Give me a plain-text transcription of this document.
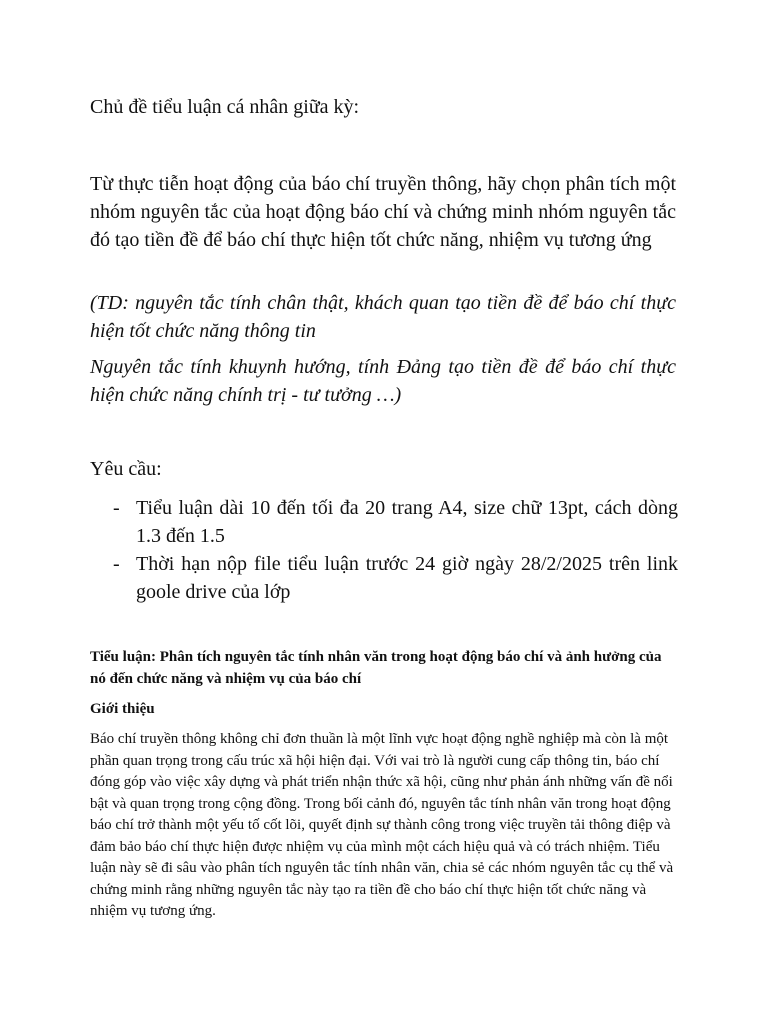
Chủ đề tiểu luận cá nhân giữa kỳ:
Từ thực tiễn hoạt động của báo chí truyền thông, hãy chọn phân tích một nhóm nguyên tắc của hoạt động báo chí và chứng minh nhóm nguyên tắc đó tạo tiền đề để báo chí thực hiện tốt chức năng, nhiệm vụ tương ứng
(TD: nguyên tắc tính chân thật, khách quan tạo tiền đề để báo chí thực hiện tốt chức năng thông tin
Nguyên tắc tính khuynh hướng, tính Đảng tạo tiền đề để báo chí thực hiện chức năng chính trị - tư tưởng …)
Yêu cầu:
- Tiểu luận dài 10 đến tối đa 20 trang A4, size chữ 13pt, cách dòng 1.3 đến 1.5
- Thời hạn nộp file tiểu luận trước 24 giờ ngày 28/2/2025 trên link goole drive của lớp
Tiểu luận: Phân tích nguyên tắc tính nhân văn trong hoạt động báo chí và ảnh hưởng của nó đến chức năng và nhiệm vụ của báo chí
Giới thiệu
Báo chí truyền thông không chỉ đơn thuần là một lĩnh vực hoạt động nghề nghiệp mà còn là một phần quan trọng trong cấu trúc xã hội hiện đại. Với vai trò là người cung cấp thông tin, báo chí đóng góp vào việc xây dựng và phát triển nhận thức xã hội, cũng như phản ánh những vấn đề nổi bật và quan trọng trong cộng đồng. Trong bối cảnh đó, nguyên tắc tính nhân văn trong hoạt động báo chí trở thành một yếu tố cốt lõi, quyết định sự thành công trong việc truyền tải thông điệp và đảm bảo báo chí thực hiện được nhiệm vụ của mình một cách hiệu quả và có trách nhiệm. Tiểu luận này sẽ đi sâu vào phân tích nguyên tắc tính nhân văn, chia sẻ các nhóm nguyên tắc cụ thể và chứng minh rằng những nguyên tắc này tạo ra tiền đề cho báo chí thực hiện tốt chức năng và nhiệm vụ tương ứng.
